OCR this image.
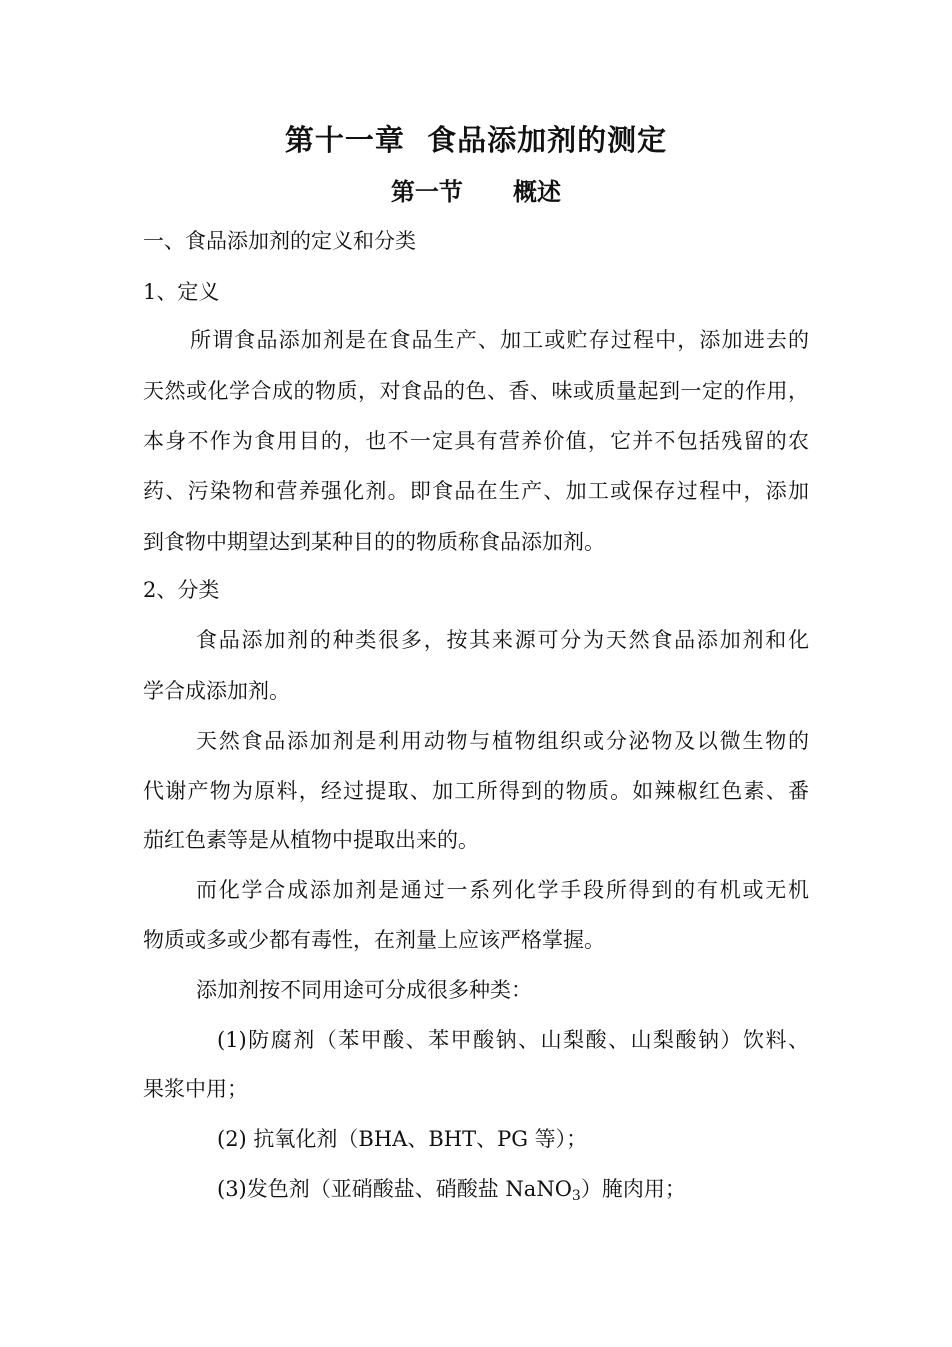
第十一章  食品添加剂的测定
第一节      概述
一、食品添加剂的定义和分类
1、定义
所谓食品添加剂是在食品生产、加工或贮存过程中，添加进去的
天然或化学合成的物质，对食品的色、香、味或质量起到一定的作用，
本身不作为食用目的，也不一定具有营养价值，它并不包括残留的农
药、污染物和营养强化剂。即食品在生产、加工或保存过程中，添加
到食物中期望达到某种目的的物质称食品添加剂。
2、分类
食品添加剂的种类很多，按其来源可分为天然食品添加剂和化
学合成添加剂。
天然食品添加剂是利用动物与植物组织或分泌物及以微生物的
代谢产物为原料，经过提取、加工所得到的物质。如辣椒红色素、番
茄红色素等是从植物中提取出来的。
而化学合成添加剂是通过一系列化学手段所得到的有机或无机
物质或多或少都有毒性，在剂量上应该严格掌握。
添加剂按不同用途可分成很多种类：
(1)防腐剂（苯甲酸、苯甲酸钠、山梨酸、山梨酸钠）饮料、
果浆中用；
(2) 抗氧化剂（BHA、BHT、PG 等）；
(3)发色剂（亚硝酸盐、硝酸盐 NaNO$_3$）腌肉用；
